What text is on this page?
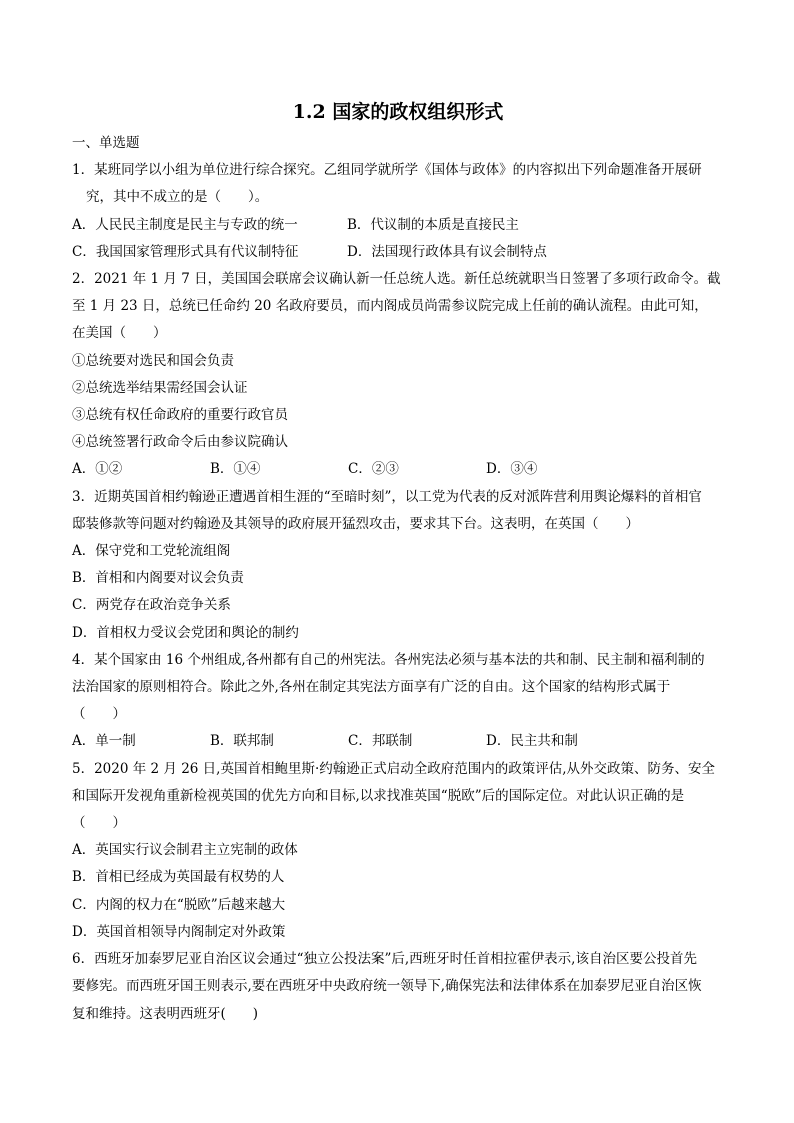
1.2 国家的政权组织形式
一、单选题
1．某班同学以小组为单位进行综合探究。乙组同学就所学《国体与政体》的内容拟出下列命题准备开展研
究，其中不成立的是（　　）。
A．人民民主制度是民主与专政的统一	B．代议制的本质是直接民主
C．我国国家管理形式具有代议制特征	D．法国现行政体具有议会制特点
2．2021 年 1 月 7 日，美国国会联席会议确认新一任总统人选。新任总统就职当日签署了多项行政命令。截
至 1 月 23 日，总统已任命约 20 名政府要员，而内阁成员尚需参议院完成上任前的确认流程。由此可知，
在美国（　　）
①总统要对选民和国会负责
②总统选举结果需经国会认证
③总统有权任命政府的重要行政官员
④总统签署行政命令后由参议院确认
A．①②	B．①④	C．②③	D．③④
3．近期英国首相约翰逊正遭遇首相生涯的“至暗时刻”，以工党为代表的反对派阵营利用舆论爆料的首相官
邸装修款等问题对约翰逊及其领导的政府展开猛烈攻击，要求其下台。这表明，在英国（　　）
A．保守党和工党轮流组阁
B．首相和内阁要对议会负责
C．两党存在政治竞争关系
D．首相权力受议会党团和舆论的制约
4．某个国家由 16 个州组成,各州都有自己的州宪法。各州宪法必须与基本法的共和制、民主制和福利制的
法治国家的原则相符合。除此之外,各州在制定其宪法方面享有广泛的自由。这个国家的结构形式属于
（　　）
A．单一制	B．联邦制	C．邦联制	D．民主共和制
5．2020 年 2 月 26 日,英国首相鲍里斯·约翰逊正式启动全政府范围内的政策评估,从外交政策、防务、安全
和国际开发视角重新检视英国的优先方向和目标,以求找准英国“脱欧”后的国际定位。对此认识正确的是
（　　）
A．英国实行议会制君主立宪制的政体
B．首相已经成为英国最有权势的人
C．内阁的权力在“脱欧”后越来越大
D．英国首相领导内阁制定对外政策
6．西班牙加泰罗尼亚自治区议会通过“独立公投法案”后,西班牙时任首相拉霍伊表示,该自治区要公投首先
要修宪。而西班牙国王则表示,要在西班牙中央政府统一领导下,确保宪法和法律体系在加泰罗尼亚自治区恢
复和维持。这表明西班牙(　　)
